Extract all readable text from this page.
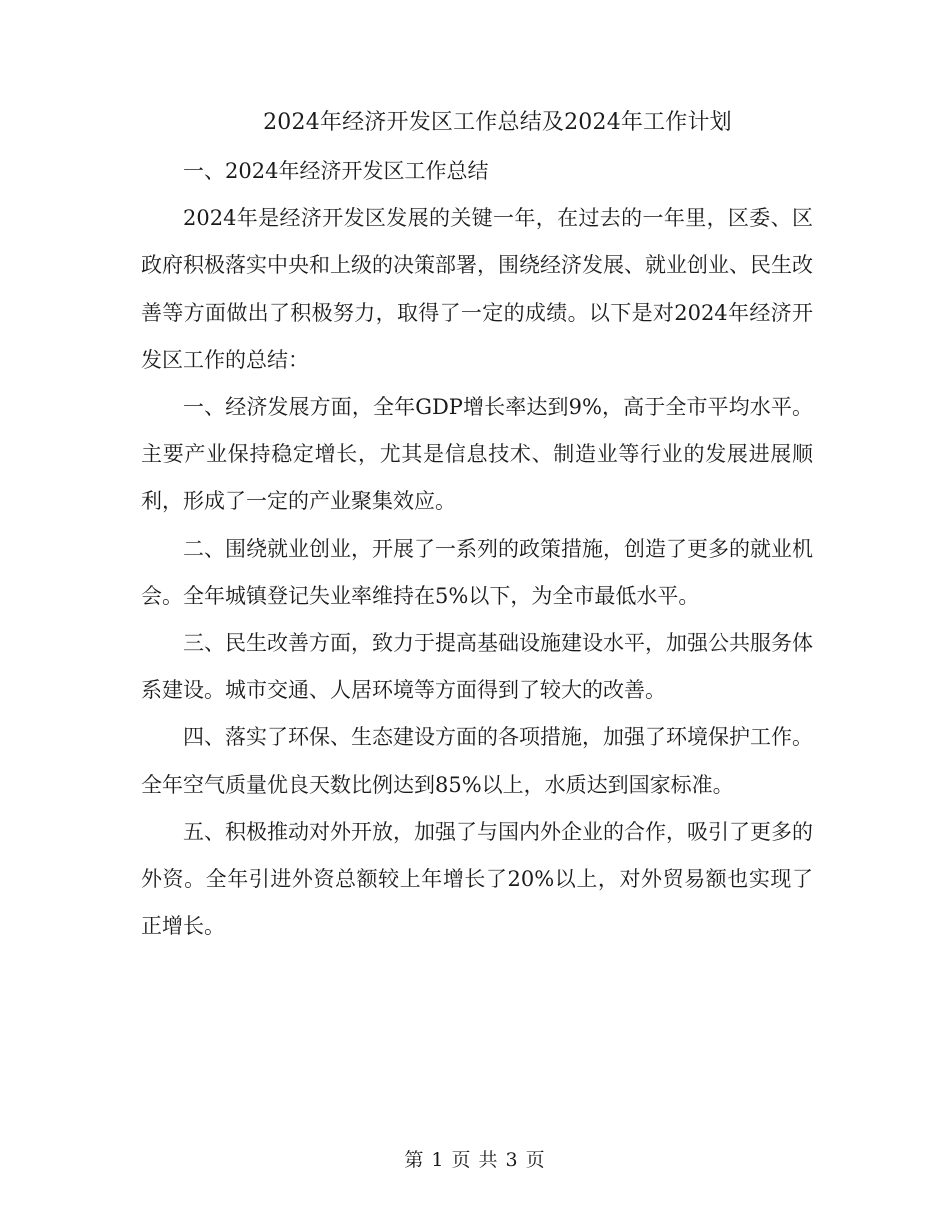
2024年经济开发区工作总结及2024年工作计划

一、2024年经济开发区工作总结

2024年是经济开发区发展的关键一年，在过去的一年里，区委、区政府积极落实中央和上级的决策部署，围绕经济发展、就业创业、民生改善等方面做出了积极努力，取得了一定的成绩。以下是对2024年经济开发区工作的总结：

一、经济发展方面，全年GDP增长率达到9%，高于全市平均水平。主要产业保持稳定增长，尤其是信息技术、制造业等行业的发展进展顺利，形成了一定的产业聚集效应。

二、围绕就业创业，开展了一系列的政策措施，创造了更多的就业机会。全年城镇登记失业率维持在5%以下，为全市最低水平。

三、民生改善方面，致力于提高基础设施建设水平，加强公共服务体系建设。城市交通、人居环境等方面得到了较大的改善。

四、落实了环保、生态建设方面的各项措施，加强了环境保护工作。全年空气质量优良天数比例达到85%以上，水质达到国家标准。

五、积极推动对外开放，加强了与国内外企业的合作，吸引了更多的外资。全年引进外资总额较上年增长了20%以上，对外贸易额也实现了正增长。

第 1 页 共 3 页
